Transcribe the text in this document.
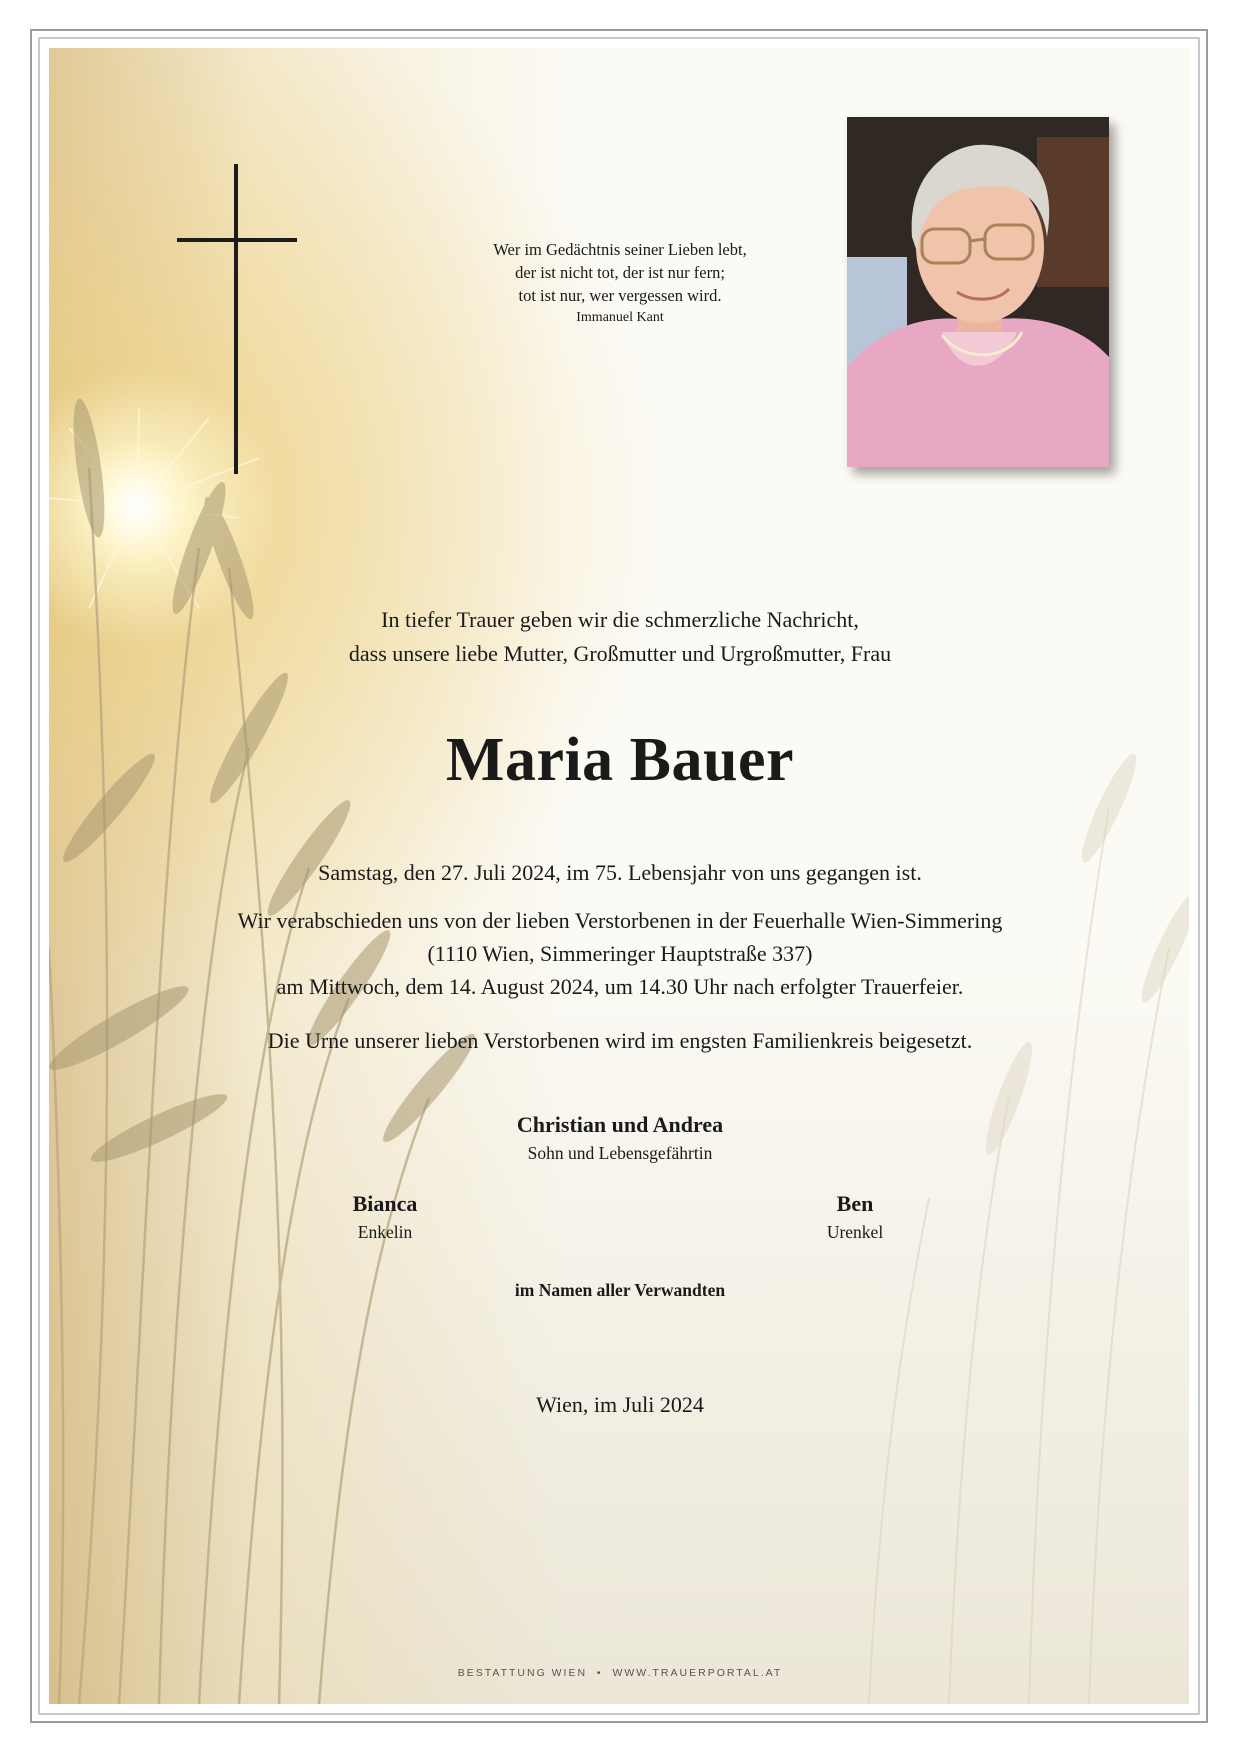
Wer im Gedächtnis seiner Lieben lebt,
der ist nicht tot, der ist nur fern;
tot ist nur, wer vergessen wird.
Immanuel Kant
In tiefer Trauer geben wir die schmerzliche Nachricht,
dass unsere liebe Mutter, Großmutter und Urgroßmutter, Frau
Maria Bauer
Samstag, den 27. Juli 2024, im 75. Lebensjahr von uns gegangen ist.
Wir verabschieden uns von der lieben Verstorbenen in der Feuerhalle Wien-Simmering
(1110 Wien, Simmeringer Hauptstraße 337)
am Mittwoch, dem 14. August 2024, um 14.30 Uhr nach erfolgter Trauerfeier.
Die Urne unserer lieben Verstorbenen wird im engsten Familienkreis beigesetzt.
Christian und Andrea
Sohn und Lebensgefährtin
Bianca
Enkelin
Ben
Urenkel
im Namen aller Verwandten
Wien, im Juli 2024
BESTATTUNG WIEN • WWW.TRAUERPORTAL.AT
